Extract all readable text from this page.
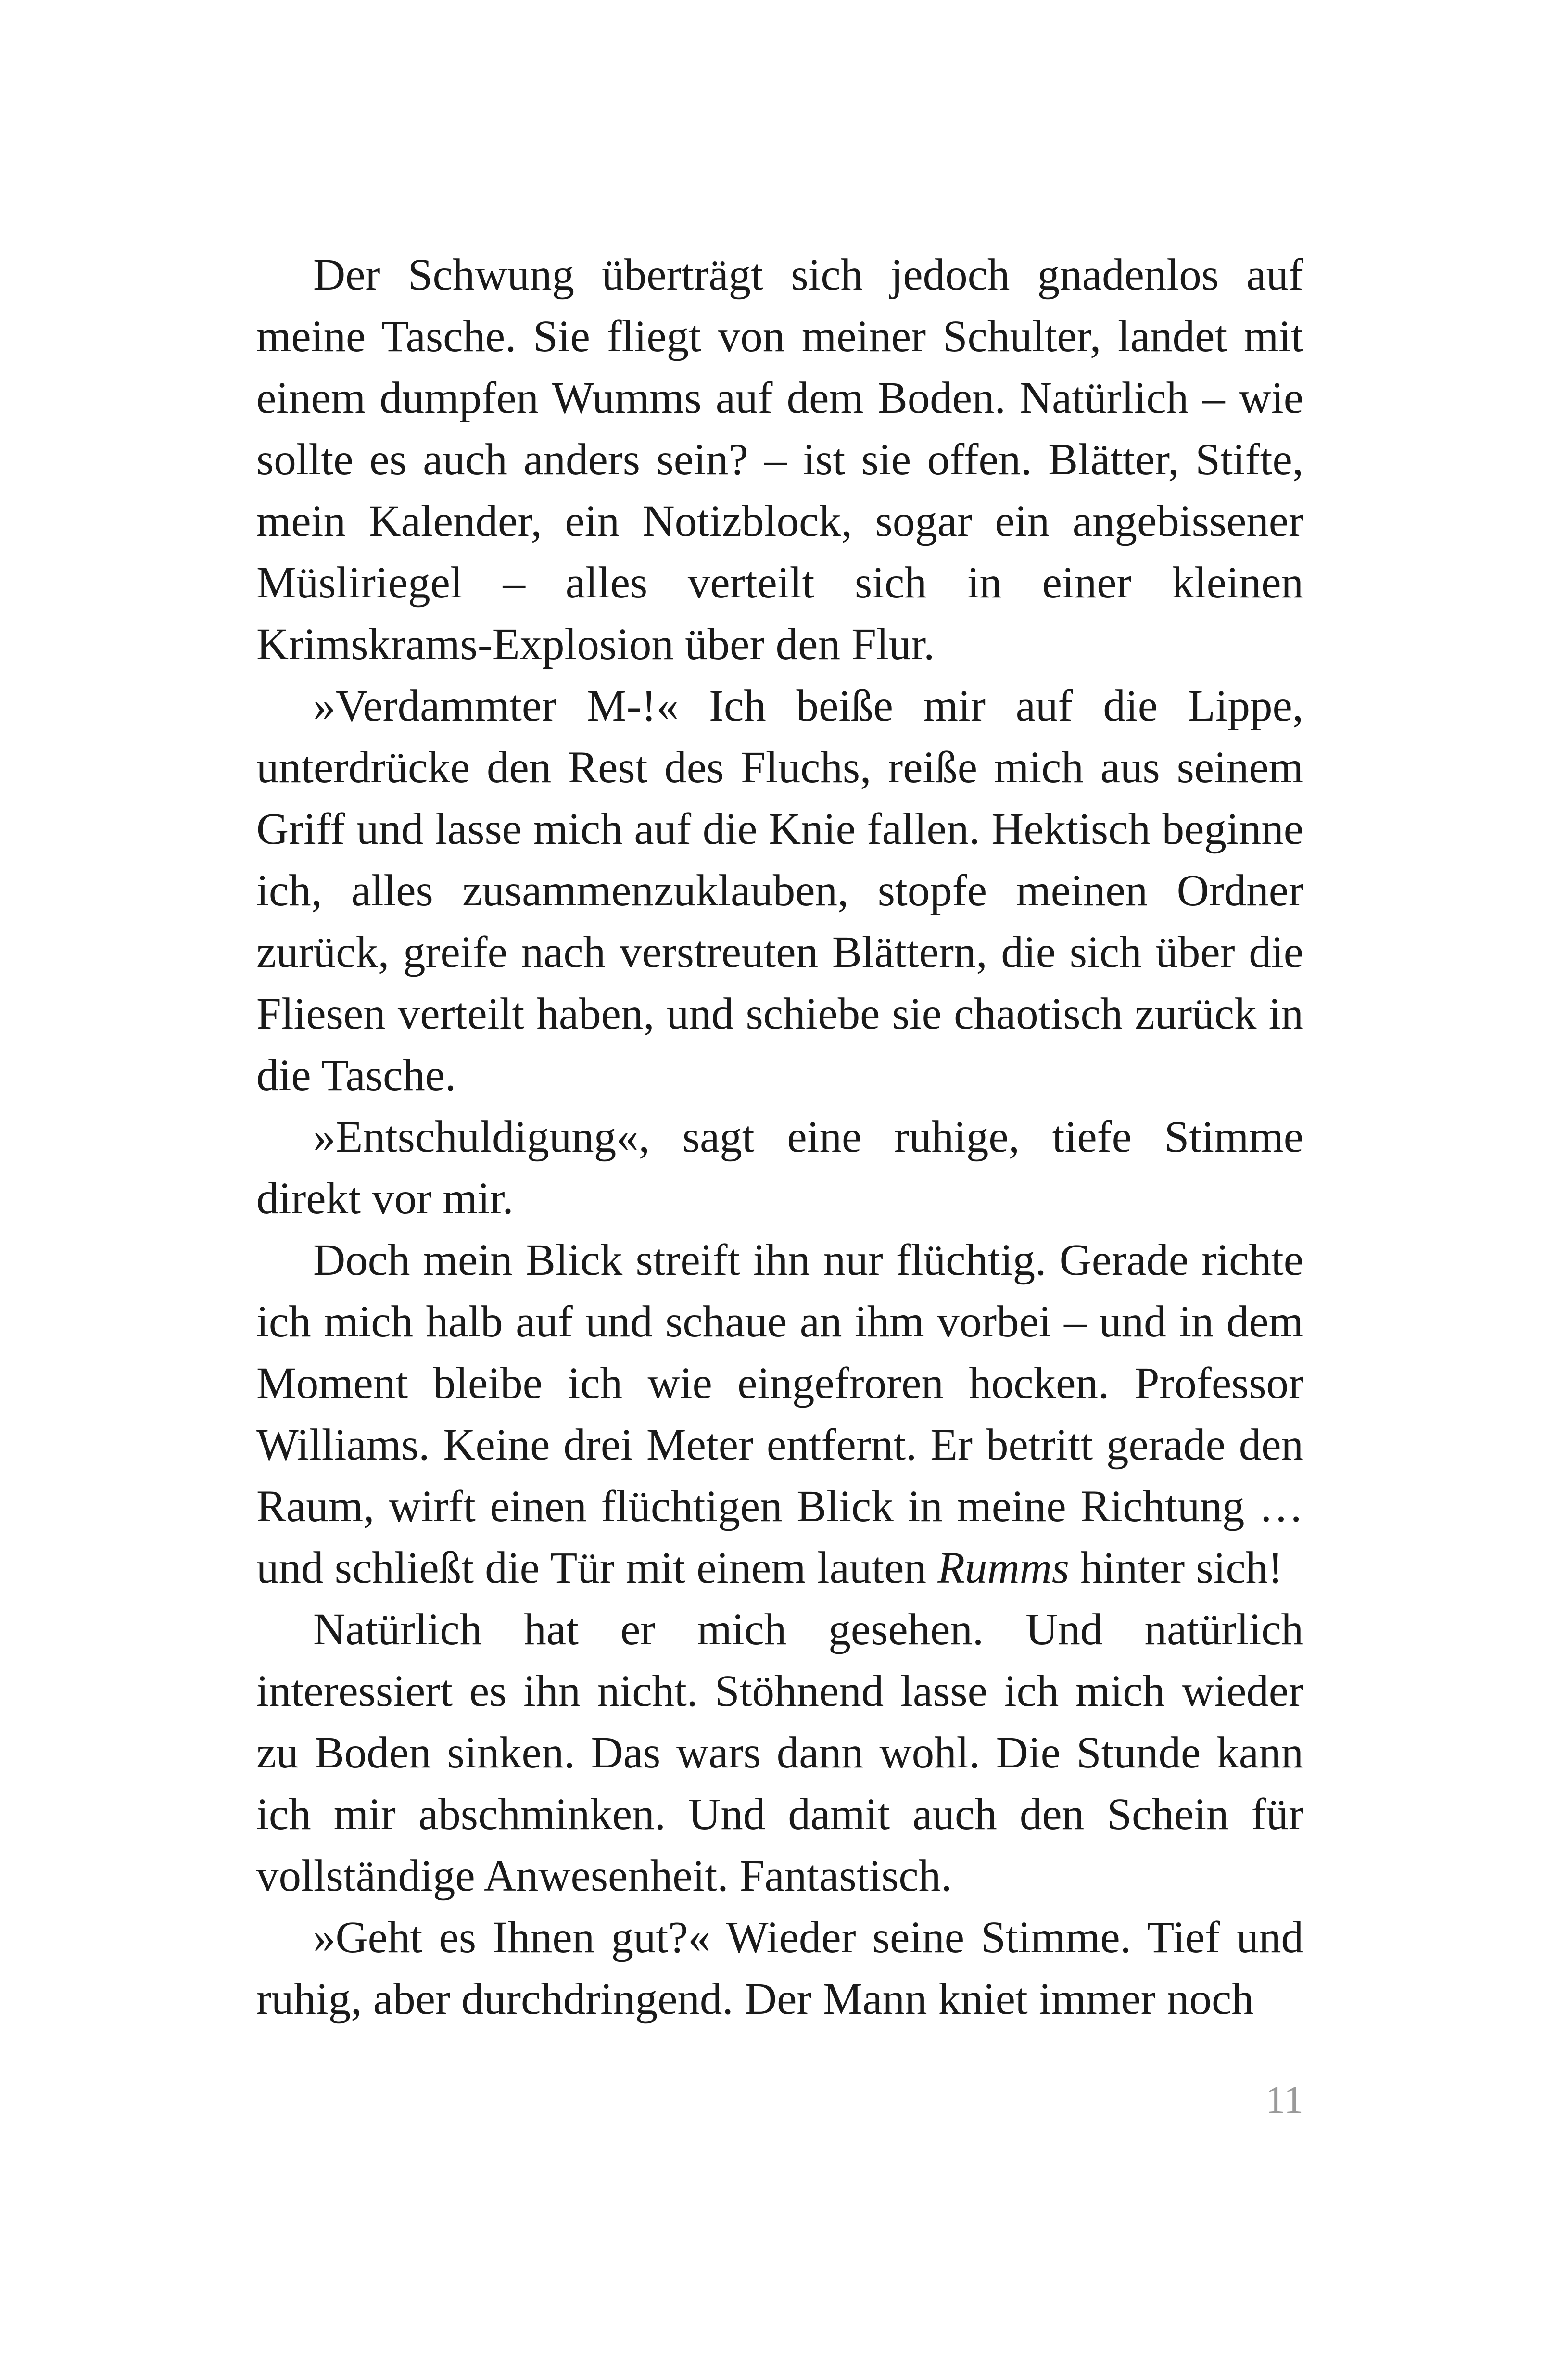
Der Schwung überträgt sich jedoch gnadenlos auf meine Tasche. Sie fliegt von meiner Schulter, landet mit einem dumpfen Wumms auf dem Boden. Natürlich – wie sollte es auch anders sein? – ist sie offen. Blätter, Stifte, mein Kalender, ein Notizblock, sogar ein angebissener Müsliriegel – alles verteilt sich in einer kleinen Krimskrams-Explosion über den Flur.

»Verdammter M-!« Ich beiße mir auf die Lippe, unterdrücke den Rest des Fluchs, reiße mich aus seinem Griff und lasse mich auf die Knie fallen. Hektisch beginne ich, alles zusammenzuklauben, stopfe meinen Ordner zurück, greife nach verstreuten Blättern, die sich über die Fliesen verteilt haben, und schiebe sie chaotisch zurück in die Tasche.

»Entschuldigung«, sagt eine ruhige, tiefe Stimme direkt vor mir.

Doch mein Blick streift ihn nur flüchtig. Gerade richte ich mich halb auf und schaue an ihm vorbei – und in dem Moment bleibe ich wie eingefroren hocken. Professor Williams. Keine drei Meter entfernt. Er betritt gerade den Raum, wirft einen flüchtigen Blick in meine Richtung … und schließt die Tür mit einem lauten Rumms hinter sich!

Natürlich hat er mich gesehen. Und natürlich interessiert es ihn nicht. Stöhnend lasse ich mich wieder zu Boden sinken. Das wars dann wohl. Die Stunde kann ich mir abschminken. Und damit auch den Schein für vollständige Anwesenheit. Fantastisch.

»Geht es Ihnen gut?« Wieder seine Stimme. Tief und ruhig, aber durchdringend. Der Mann kniet immer noch

11
